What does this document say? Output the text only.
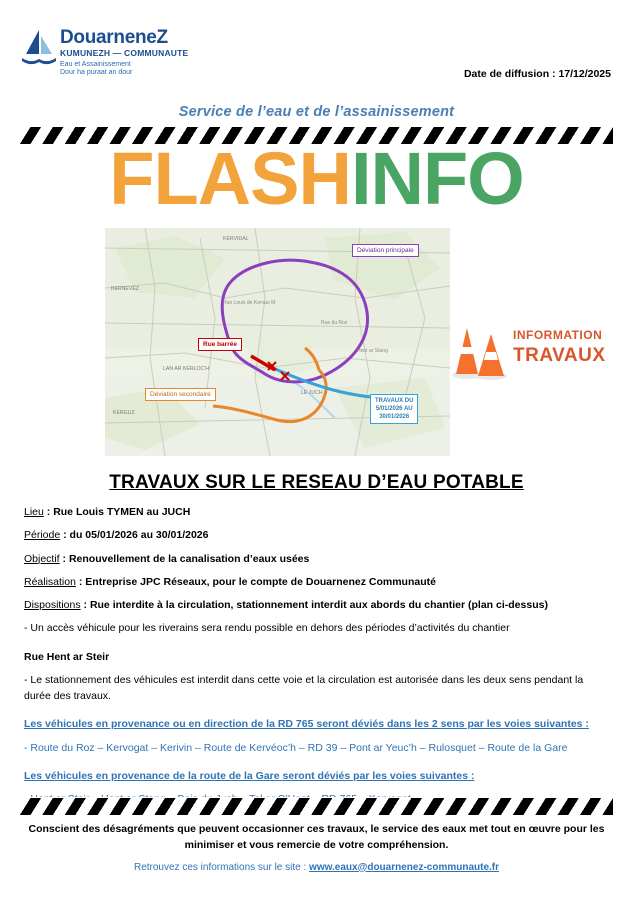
DouarneneZ
KUMUNEZH — COMMUNAUTE
Eau et Assainissement
Dour ha puraat an dour	Date de diffusion : 17/12/2025
Service de l’eau et de l’assainissement
FLASHINFO
KERVIDAL
KERNEVEZ
LAN AR KERLOC'H
KERGUZ
LE JUCH
Rue Louis de Kervao M
Rue du Roz
Hent ar Stang
Déviation principale
Rue barrée
Déviation secondaire
TRAVAUX DU
5/01/2026 AU
30/01/2026
INFORMATION
TRAVAUX
TRAVAUX SUR LE RESEAU D’EAU POTABLE

Lieu : Rue Louis TYMEN au JUCH

Période : du 05/01/2026 au 30/01/2026

Objectif : Renouvellement de la canalisation d’eaux usées

Réalisation : Entreprise JPC Réseaux, pour le compte de Douarnenez Communauté

Dispositions : Rue interdite à la circulation, stationnement interdit aux abords du chantier (plan ci-dessus)

- Un accès véhicule pour les riverains sera rendu possible en dehors des périodes d’activités du chantier

Rue Hent ar Steir

- Le stationnement des véhicules est interdit dans cette voie et la circulation est autorisée dans les deux sens pendant la durée des travaux.

Les véhicules en provenance ou en direction de la RD 765 seront déviés dans les 2 sens par les voies suivantes :

- Route du Roz – Kervogat – Kerivin – Route de Kervéoc’h – RD 39 – Pont ar Yeuc’h – Rulosquet – Route de la Gare

Les véhicules en provenance de la route de la Gare seront déviés par les voies suivantes :

Conscient des désagréments que peuvent occasionner ces travaux, le service des eaux met tout en œuvre pour les minimiser et vous remercie de votre compréhension.
Retrouvez ces informations sur le site : www.eaux@douarnenez-communaute.fr
